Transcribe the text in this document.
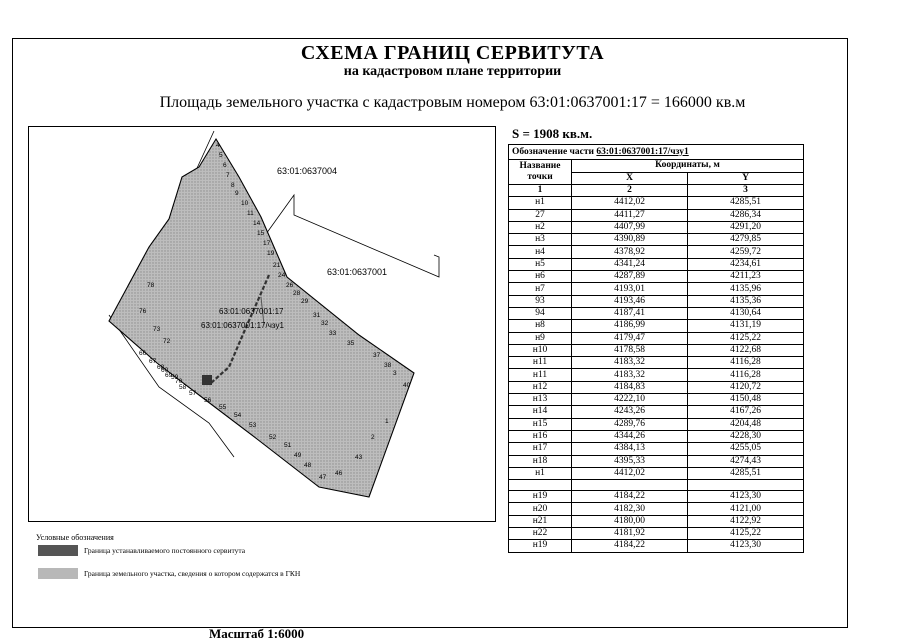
СХЕМА ГРАНИЦ СЕРВИТУТА
на кадастровом плане территории
Площадь земельного участка с кадастровым номером 63:01:0637001:17 = 166000 кв.м
63:01:0637004
63:01:0637001
63:01:0637001:17
63:01:0637001:17/чзу1
4
5
6
7
8
9
10
11
14
15
17
19
21
24
26
28
29
31
32
33
35
37
38
3
40
1
2
43
46
47
48
49
51
52
53
54
55
56
57
58
59
60
66
67
68
69
70
72
73
76
78
Масштаб 1:6000
Условные обозначения
Граница устанавливаемого постоянного сервитута
Граница земельного участка, сведения о котором содержатся в ГКН
S = 1908 кв.м.
Обозначение части 63:01:0637001:17/чзу1		
Название точки	Координаты, м	
	X	Y
1	2	3
н1	4412,02	4285,51
27	4411,27	4286,34
н2	4407,99	4291,20
н3	4390,89	4279,85
н4	4378,92	4259,72
н5	4341,24	4234,61
н6	4287,89	4211,23
н7	4193,01	4135,96
93	4193,46	4135,36
94	4187,41	4130,64
н8	4186,99	4131,19
н9	4179,47	4125,22
н10	4178,58	4122,68
н11	4183,32	4116,28
н11	4183,32	4116,28
н12	4184,83	4120,72
н13	4222,10	4150,48
н14	4243,26	4167,26
н15	4289,76	4204,48
н16	4344,26	4228,30
н17	4384,13	4255,05
н18	4395,33	4274,43
н1	4412,02	4285,51

н19	4184,22	4123,30
н20	4182,30	4121,00
н21	4180,00	4122,92
н22	4181,92	4125,22
н19	4184,22	4123,30
